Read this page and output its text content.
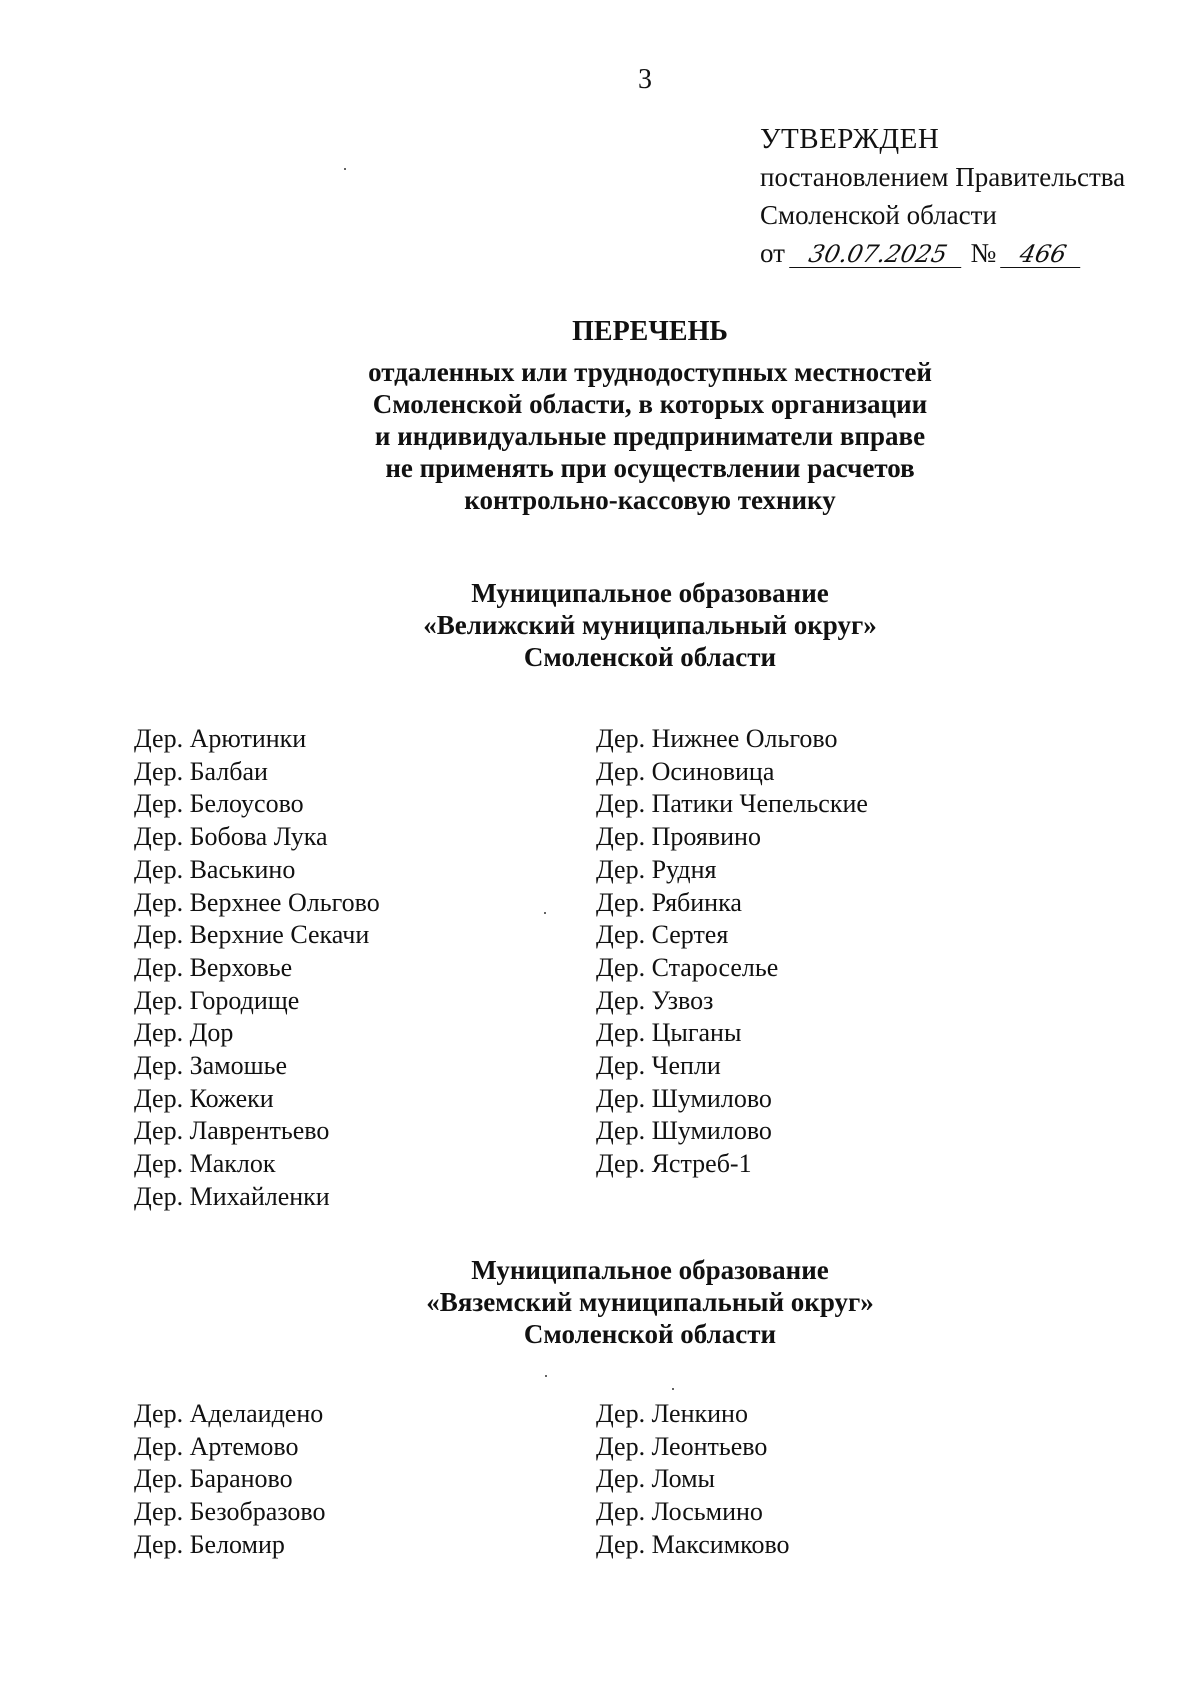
3
УТВЕРЖДЕН
постановлением Правительства
Смоленской области
от 30.07.2025 № 466
ПЕРЕЧЕНЬ
отдаленных или труднодоступных местностей
Смоленской области, в которых организации
и индивидуальные предприниматели вправе
не применять при осуществлении расчетов
контрольно-кассовую технику
Муниципальное образование
«Велижский муниципальный округ»
Смоленской области
Дер. Арютинки
Дер. Балбаи
Дер. Белоусово
Дер. Бобова Лука
Дер. Васькино
Дер. Верхнее Ольгово
Дер. Верхние Секачи
Дер. Верховье
Дер. Городище
Дер. Дор
Дер. Замошье
Дер. Кожеки
Дер. Лаврентьево
Дер. Маклок
Дер. Михайленки
Дер. Нижнее Ольгово
Дер. Осиновица
Дер. Патики Чепельские
Дер. Проявино
Дер. Рудня
Дер. Рябинка
Дер. Сертея
Дер. Староселье
Дер. Узвоз
Дер. Цыганы
Дер. Чепли
Дер. Шумилово
Дер. Шумилово
Дер. Ястреб-1
Муниципальное образование
«Вяземский муниципальный округ»
Смоленской области
Дер. Аделаидено
Дер. Артемово
Дер. Бараново
Дер. Безобразово
Дер. Беломир
Дер. Ленкино
Дер. Леонтьево
Дер. Ломы
Дер. Лосьмино
Дер. Максимково
